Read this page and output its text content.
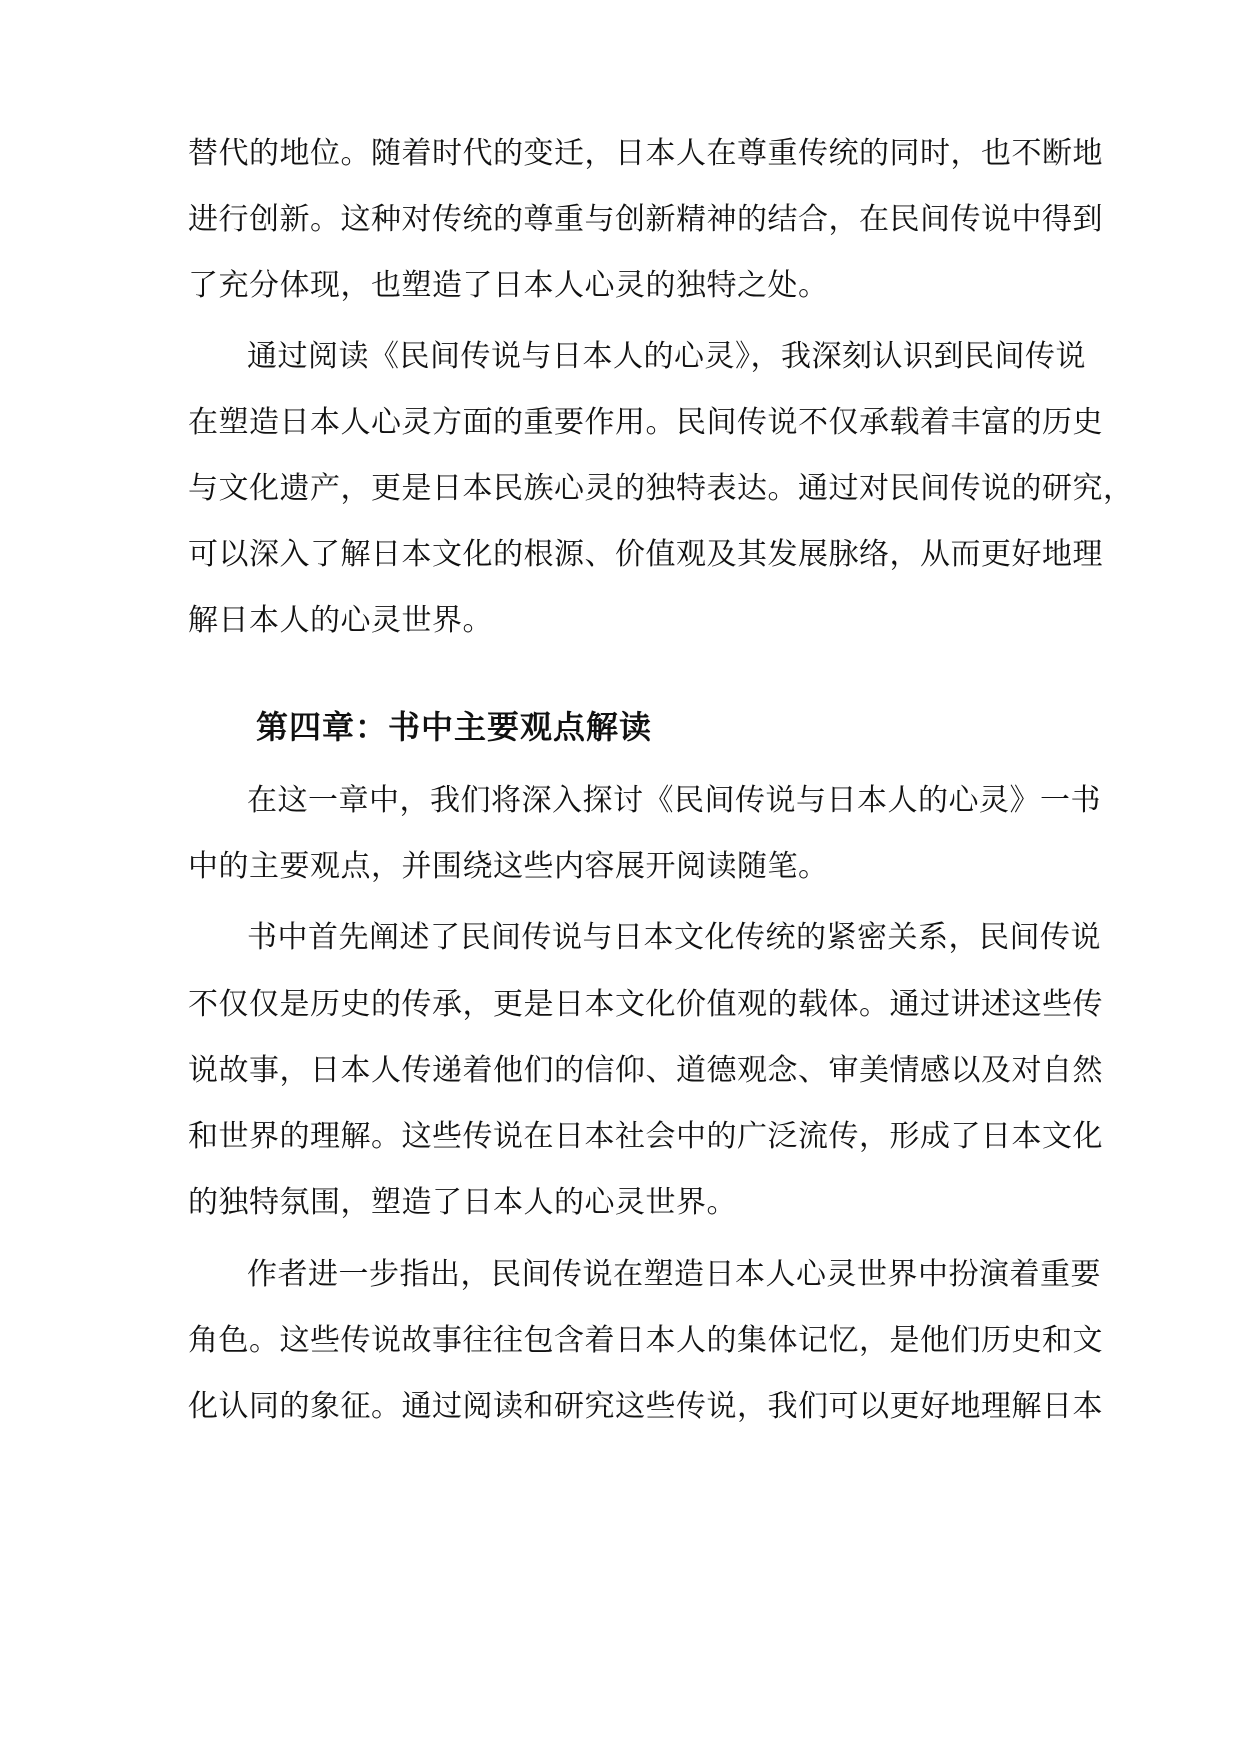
替代的地位。随着时代的变迁，日本人在尊重传统的同时，也不断地
进行创新。这种对传统的尊重与创新精神的结合，在民间传说中得到
了充分体现，也塑造了日本人心灵的独特之处。
通过阅读《民间传说与日本人的心灵》，我深刻认识到民间传说
在塑造日本人心灵方面的重要作用。民间传说不仅承载着丰富的历史
与文化遗产，更是日本民族心灵的独特表达。通过对民间传说的研究，
可以深入了解日本文化的根源、价值观及其发展脉络，从而更好地理
解日本人的心灵世界。
第四章：书中主要观点解读
在这一章中，我们将深入探讨《民间传说与日本人的心灵》一书
中的主要观点，并围绕这些内容展开阅读随笔。
书中首先阐述了民间传说与日本文化传统的紧密关系，民间传说
不仅仅是历史的传承，更是日本文化价值观的载体。通过讲述这些传
说故事，日本人传递着他们的信仰、道德观念、审美情感以及对自然
和世界的理解。这些传说在日本社会中的广泛流传，形成了日本文化
的独特氛围，塑造了日本人的心灵世界。
作者进一步指出，民间传说在塑造日本人心灵世界中扮演着重要
角色。这些传说故事往往包含着日本人的集体记忆，是他们历史和文
化认同的象征。通过阅读和研究这些传说，我们可以更好地理解日本
